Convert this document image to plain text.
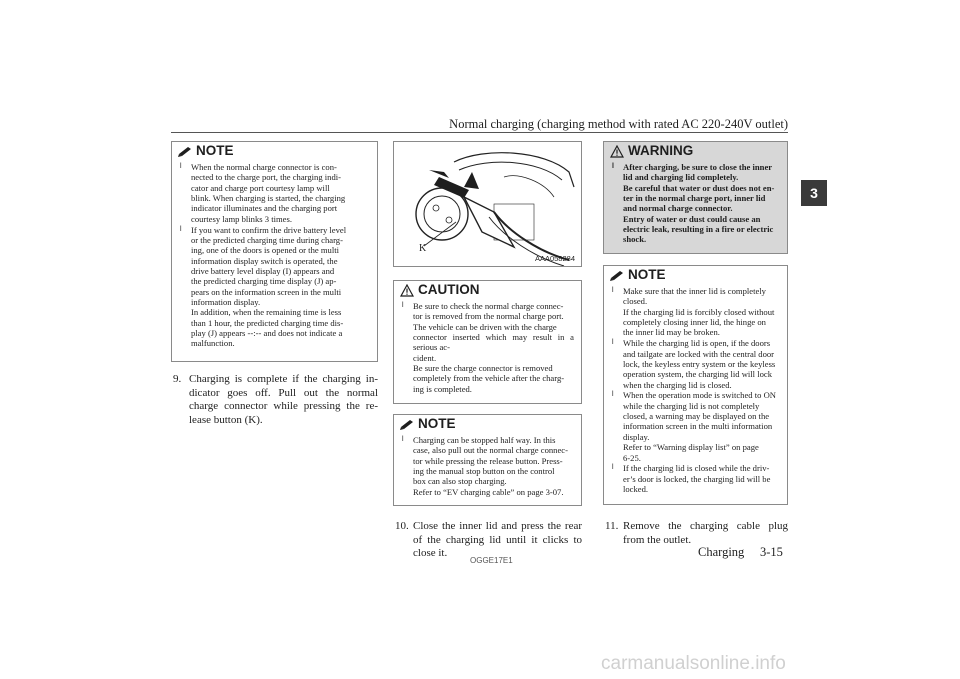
Normal charging (charging method with rated AC 220-240V outlet)
3
NOTE
l When the normal charge connector is con-
nected to the charge port, the charging indi-
cator and charge port courtesy lamp will
blink. When charging is started, the charging
indicator illuminates and the charging port
courtesy lamp blinks 3 times.
l If you want to confirm the drive battery level
or the predicted charging time during charg-
ing, one of the doors is opened or the multi
information display switch is operated, the
drive battery level display (I) appears and
the predicted charging time display (J) ap-
pears on the information screen in the multi
information display.
In addition, when the remaining time is less
than 1 hour, the predicted charging time dis-
play (J) appears --:-- and does not indicate a
malfunction.
9. Charging is complete if the charging in- dicator goes off. Pull out the normal charge connector while pressing the re- lease button (K).
K
AAA058284
CAUTION
l Be sure to check the normal charge connec-
tor is removed from the normal charge port.
The vehicle can be driven with the charge
connector inserted which may result in a serious ac-
cident.
Be sure the charge connector is removed
completely from the vehicle after the charg-
ing is completed.
NOTE
l Charging can be stopped half way. In this
case, also pull out the normal charge connec-
tor while pressing the release button. Press-
ing the manual stop button on the control
box can also stop charging.
Refer to “EV charging cable” on page 3-07.
10. Close the inner lid and press the rear of the charging lid until it clicks to close it.
WARNING
l After charging, be sure to close the inner
lid and charging lid completely.
Be careful that water or dust does not en-
ter in the normal charge port, inner lid
and normal charge connector.
Entry of water or dust could cause an
electric leak, resulting in a fire or electric
shock.
NOTE
l Make sure that the inner lid is completely
closed.
If the charging lid is forcibly closed without
completely closing inner lid, the hinge on
the inner lid may be broken.
l While the charging lid is open, if the doors
and tailgate are locked with the central door
lock, the keyless entry system or the keyless
operation system, the charging lid will lock
when the charging lid is closed.
l When the operation mode is switched to ON
while the charging lid is not completely
closed, a warning may be displayed on the
information screen in the multi information
display.
Refer to “Warning display list” on page
6-25.
l If the charging lid is closed while the driv-
er’s door is locked, the charging lid will be
locked.
11. Remove the charging cable plug from the outlet.
OGGE17E1
Charging 3-15
carmanualsonline.info
